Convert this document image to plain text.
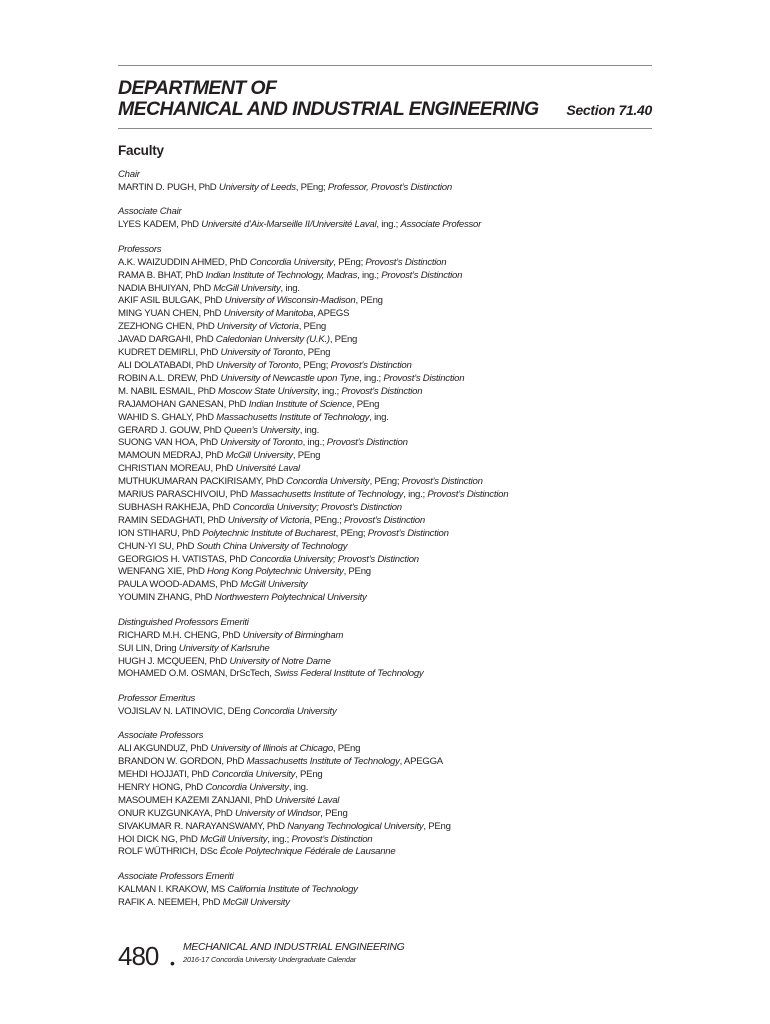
DEPARTMENT OF
MECHANICAL AND INDUSTRIAL ENGINEERING Section 71.40
Faculty
Chair
MARTIN D. PUGH, PhD University of Leeds, PEng; Professor, Provost’s Distinction
Associate Chair
LYES KADEM, PhD Université d’Aix-Marseille II/Université Laval, ing.; Associate Professor
Professors
A.K. WAIZUDDIN AHMED, PhD Concordia University, PEng; Provost’s Distinction
RAMA B. BHAT, PhD Indian Institute of Technology, Madras, ing.; Provost’s Distinction
NADIA BHUIYAN, PhD McGill University, ing.
AKIF ASIL BULGAK, PhD University of Wisconsin-Madison, PEng
MING YUAN CHEN, PhD University of Manitoba, APEGS
ZEZHONG CHEN, PhD University of Victoria, PEng
JAVAD DARGAHI, PhD Caledonian University (U.K.), PEng
KUDRET DEMIRLI, PhD University of Toronto, PEng
ALI DOLATABADI, PhD University of Toronto, PEng; Provost’s Distinction
ROBIN A.L. DREW, PhD University of Newcastle upon Tyne, ing.; Provost’s Distinction
M. NABIL ESMAIL, PhD Moscow State University, ing.; Provost’s Distinction
RAJAMOHAN GANESAN, PhD Indian Institute of Science, PEng
WAHID S. GHALY, PhD Massachusetts Institute of Technology, ing.
GERARD J. GOUW, PhD Queen’s University, ing.
SUONG VAN HOA, PhD University of Toronto, ing.; Provost’s Distinction
MAMOUN MEDRAJ, PhD McGill University, PEng
CHRISTIAN MOREAU, PhD Université Laval
MUTHUKUMARAN PACKIRISAMY, PhD Concordia University, PEng; Provost’s Distinction
MARIUS PARASCHIVOIU, PhD Massachusetts Institute of Technology, ing.; Provost’s Distinction
SUBHASH RAKHEJA, PhD Concordia University; Provost's Distinction
RAMIN SEDAGHATI, PhD University of Victoria, PEng.; Provost’s Distinction
ION STIHARU, PhD Polytechnic Institute of Bucharest, PEng; Provost’s Distinction
CHUN-YI SU, PhD South China University of Technology
GEORGIOS H. VATISTAS, PhD Concordia University; Provost’s Distinction
WENFANG XIE, PhD Hong Kong Polytechnic University, PEng
PAULA WOOD-ADAMS, PhD McGill University
YOUMIN ZHANG, PhD Northwestern Polytechnical University
Distinguished Professors Emeriti
RICHARD M.H. CHENG, PhD University of Birmingham
SUI LIN, Dring University of Karlsruhe
HUGH J. MCQUEEN, PhD University of Notre Dame
MOHAMED O.M. OSMAN, DrScTech, Swiss Federal Institute of Technology
Professor Emeritus
VOJISLAV N. LATINOVIC, DEng Concordia University
Associate Professors
ALI AKGUNDUZ, PhD University of Illinois at Chicago, PEng
BRANDON W. GORDON, PhD Massachusetts Institute of Technology, APEGGA
MEHDI HOJJATI, PhD Concordia University, PEng
HENRY HONG, PhD Concordia University, ing.
MASOUMEH KAZEMI ZANJANI, PhD Université Laval
ONUR KUZGUNKAYA, PhD University of Windsor, PEng
SIVAKUMAR R. NARAYANSWAMY, PhD Nanyang Technological University, PEng
HOI DICK NG, PhD McGill University, ing.; Provost’s Distinction
ROLF WÜTHRICH, DSc École Polytechnique Fédérale de Lausanne
Associate Professors Emeriti
KALMAN I. KRAKOW, MS California Institute of Technology
RAFIK A. NEEMEH, PhD McGill University
480 •
MECHANICAL AND INDUSTRIAL ENGINEERING
2016-17 Concordia University Undergraduate Calendar
